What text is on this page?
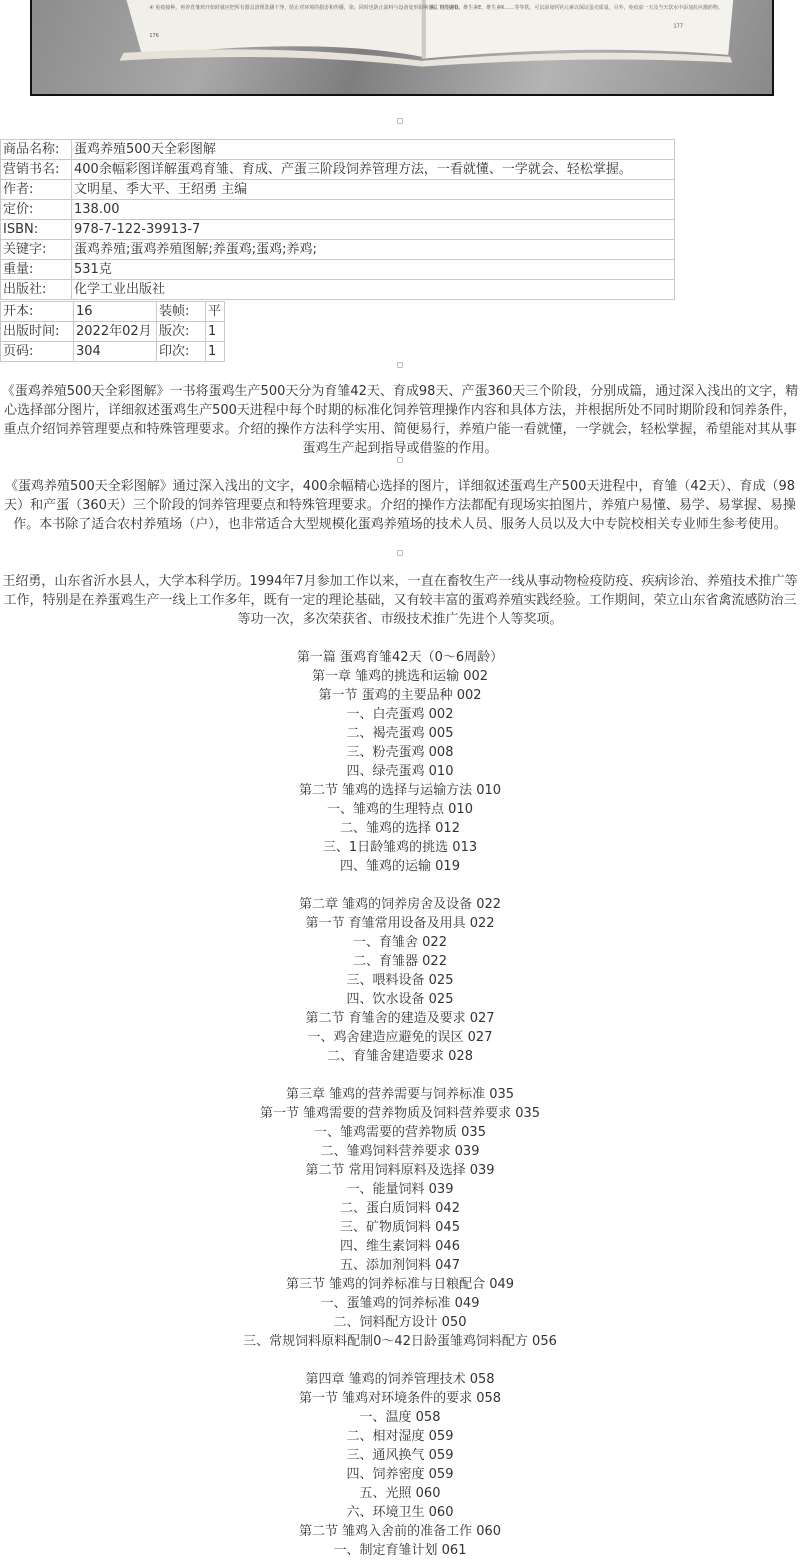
④ 免疫接种，再养育雏鸡开始时就应把所有器具清理洗刷干净，防止对环境的损害和传播，染，同时也防止油料与设备变形影响器具下次使用。
176
素，维生素D，维生素E，维生素K……等等铁，可以添加钙钙元素以保证蛋壳质量，另外，免疫前一天及当天饮水中添加抗应激药物。
177
商品名称:	蛋鸡养殖500天全彩图解
营销书名:	400余幅彩图详解蛋鸡育雏、育成、产蛋三阶段饲养管理方法，一看就懂、一学就会、轻松掌握。
作者:	文明星、季大平、王绍勇 主编
定价:	138.00
ISBN:	978-7-122-39913-7
关键字:	蛋鸡养殖;蛋鸡养殖图解;养蛋鸡;蛋鸡;养鸡;
重量:	531克
出版社:	化学工业出版社
开本:	16	装帧:	平
出版时间:	2022年02月	版次:	1
页码:	304	印次:	1
《蛋鸡养殖500天全彩图解》一书将蛋鸡生产500天分为育雏42天、育成98天、产蛋360天三个阶段，分别成篇，通过深入浅出的文字，精心选择部分图片，详细叙述蛋鸡生产500天进程中每个时期的标准化饲养管理操作内容和具体方法，并根据所处不同时期阶段和饲养条件，重点介绍饲养管理要点和特殊管理要求。介绍的操作方法科学实用、简便易行，养殖户能一看就懂，一学就会，轻松掌握，希望能对其从事蛋鸡生产起到指导或借鉴的作用。
《蛋鸡养殖500天全彩图解》通过深入浅出的文字，400余幅精心选择的图片，详细叙述蛋鸡生产500天进程中，育雏（42天）、育成（98天）和产蛋（360天）三个阶段的饲养管理要点和特殊管理要求。介绍的操作方法都配有现场实拍图片，养殖户易懂、易学、易掌握、易操作。本书除了适合农村养殖场（户），也非常适合大型规模化蛋鸡养殖场的技术人员、服务人员以及大中专院校相关专业师生参考使用。
王绍勇，山东省沂水县人，大学本科学历。1994年7月参加工作以来，一直在畜牧生产一线从事动物检疫防疫、疾病诊治、养殖技术推广等工作，特别是在养蛋鸡生产一线上工作多年，既有一定的理论基础，又有较丰富的蛋鸡养殖实践经验。工作期间，荣立山东省禽流感防治三等功一次，多次荣获省、市级技术推广先进个人等奖项。
第一篇 蛋鸡育雏42天（0～6周龄）
第一章 雏鸡的挑选和运输 002
第一节 蛋鸡的主要品种 002
一、白壳蛋鸡 002
二、褐壳蛋鸡 005
三、粉壳蛋鸡 008
四、绿壳蛋鸡 010
第二节 雏鸡的选择与运输方法 010
一、雏鸡的生理特点 010
二、雏鸡的选择 012
三、1日龄雏鸡的挑选 013
四、雏鸡的运输 019
第二章 雏鸡的饲养房舍及设备 022
第一节 育雏常用设备及用具 022
一、育雏舍 022
二、育雏器 022
三、喂料设备 025
四、饮水设备 025
第二节 育雏舍的建造及要求 027
一、鸡舍建造应避免的误区 027
二、育雏舍建造要求 028
第三章 雏鸡的营养需要与饲养标准 035
第一节 雏鸡需要的营养物质及饲料营养要求 035
一、雏鸡需要的营养物质 035
二、雏鸡饲料营养要求 039
第二节 常用饲料原料及选择 039
一、能量饲料 039
二、蛋白质饲料 042
三、矿物质饲料 045
四、维生素饲料 046
五、添加剂饲料 047
第三节 雏鸡的饲养标准与日粮配合 049
一、蛋雏鸡的饲养标准 049
二、饲料配方设计 050
三、常规饲料原料配制0～42日龄蛋雏鸡饲料配方 056
第四章 雏鸡的饲养管理技术 058
第一节 雏鸡对环境条件的要求 058
一、温度 058
二、相对湿度 059
三、通风换气 059
四、饲养密度 059
五、光照 060
六、环境卫生 060
第二节 雏鸡入舍前的准备工作 060
一、制定育雏计划 061
